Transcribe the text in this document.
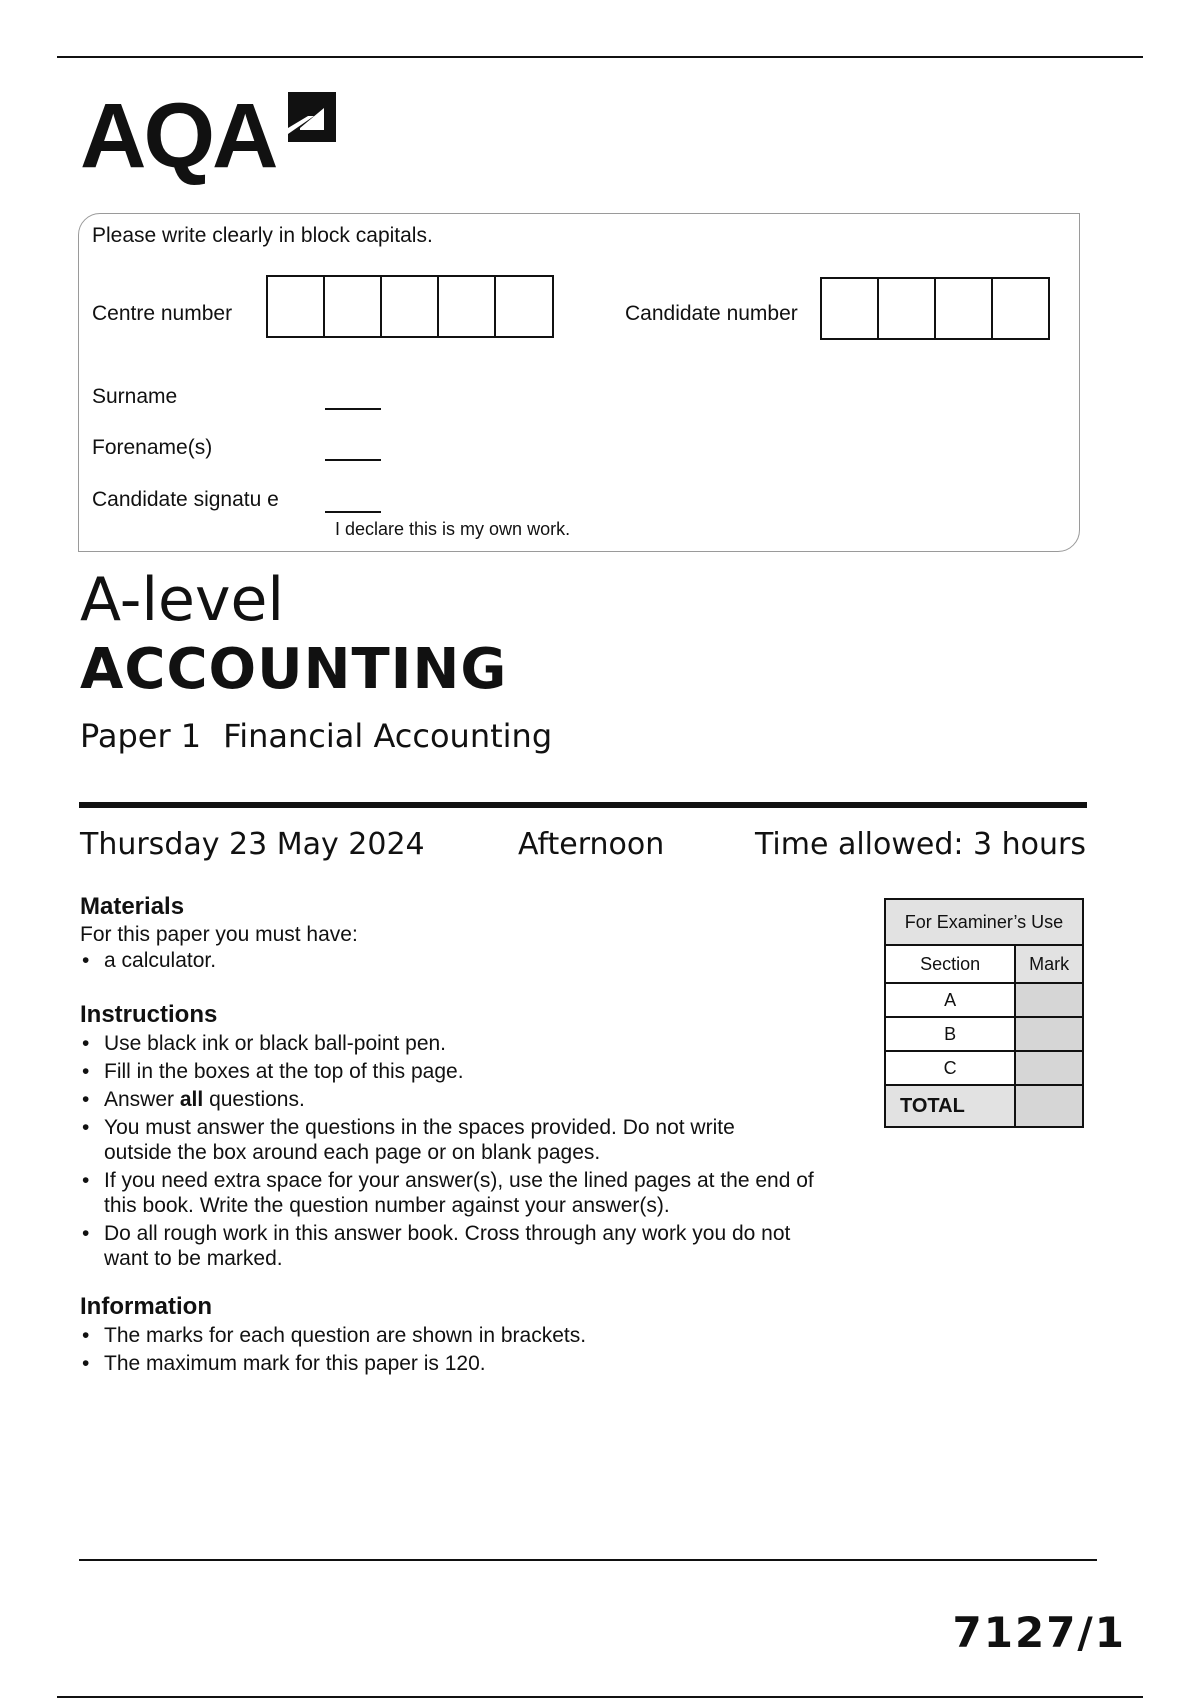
AQA
Please write clearly in block capitals.
Centre number	Candidate number
Surname
Forename(s)
Candidate signatu e
I declare this is my own work.
A-level
ACCOUNTING
Paper 1 Financial Accounting
Thursday 23 May 2024	Afternoon	Time allowed: 3 hours
Materials
For this paper you must have:
• a calculator.
Instructions
• Use black ink or black ball-point pen.
• Fill in the boxes at the top of this page.
• Answer all questions.
• You must answer the questions in the spaces provided. Do not write outside the box around each page or on blank pages.
• If you need extra space for your answer(s), use the lined pages at the end of this book. Write the question number against your answer(s).
• Do all rough work in this answer book. Cross through any work you do not want to be marked.
Information
• The marks for each question are shown in brackets.
• The maximum mark for this paper is 120.
For Examiner’s Use	
Section	Mark
A	
B	
C	
TOTAL	
7127/1
